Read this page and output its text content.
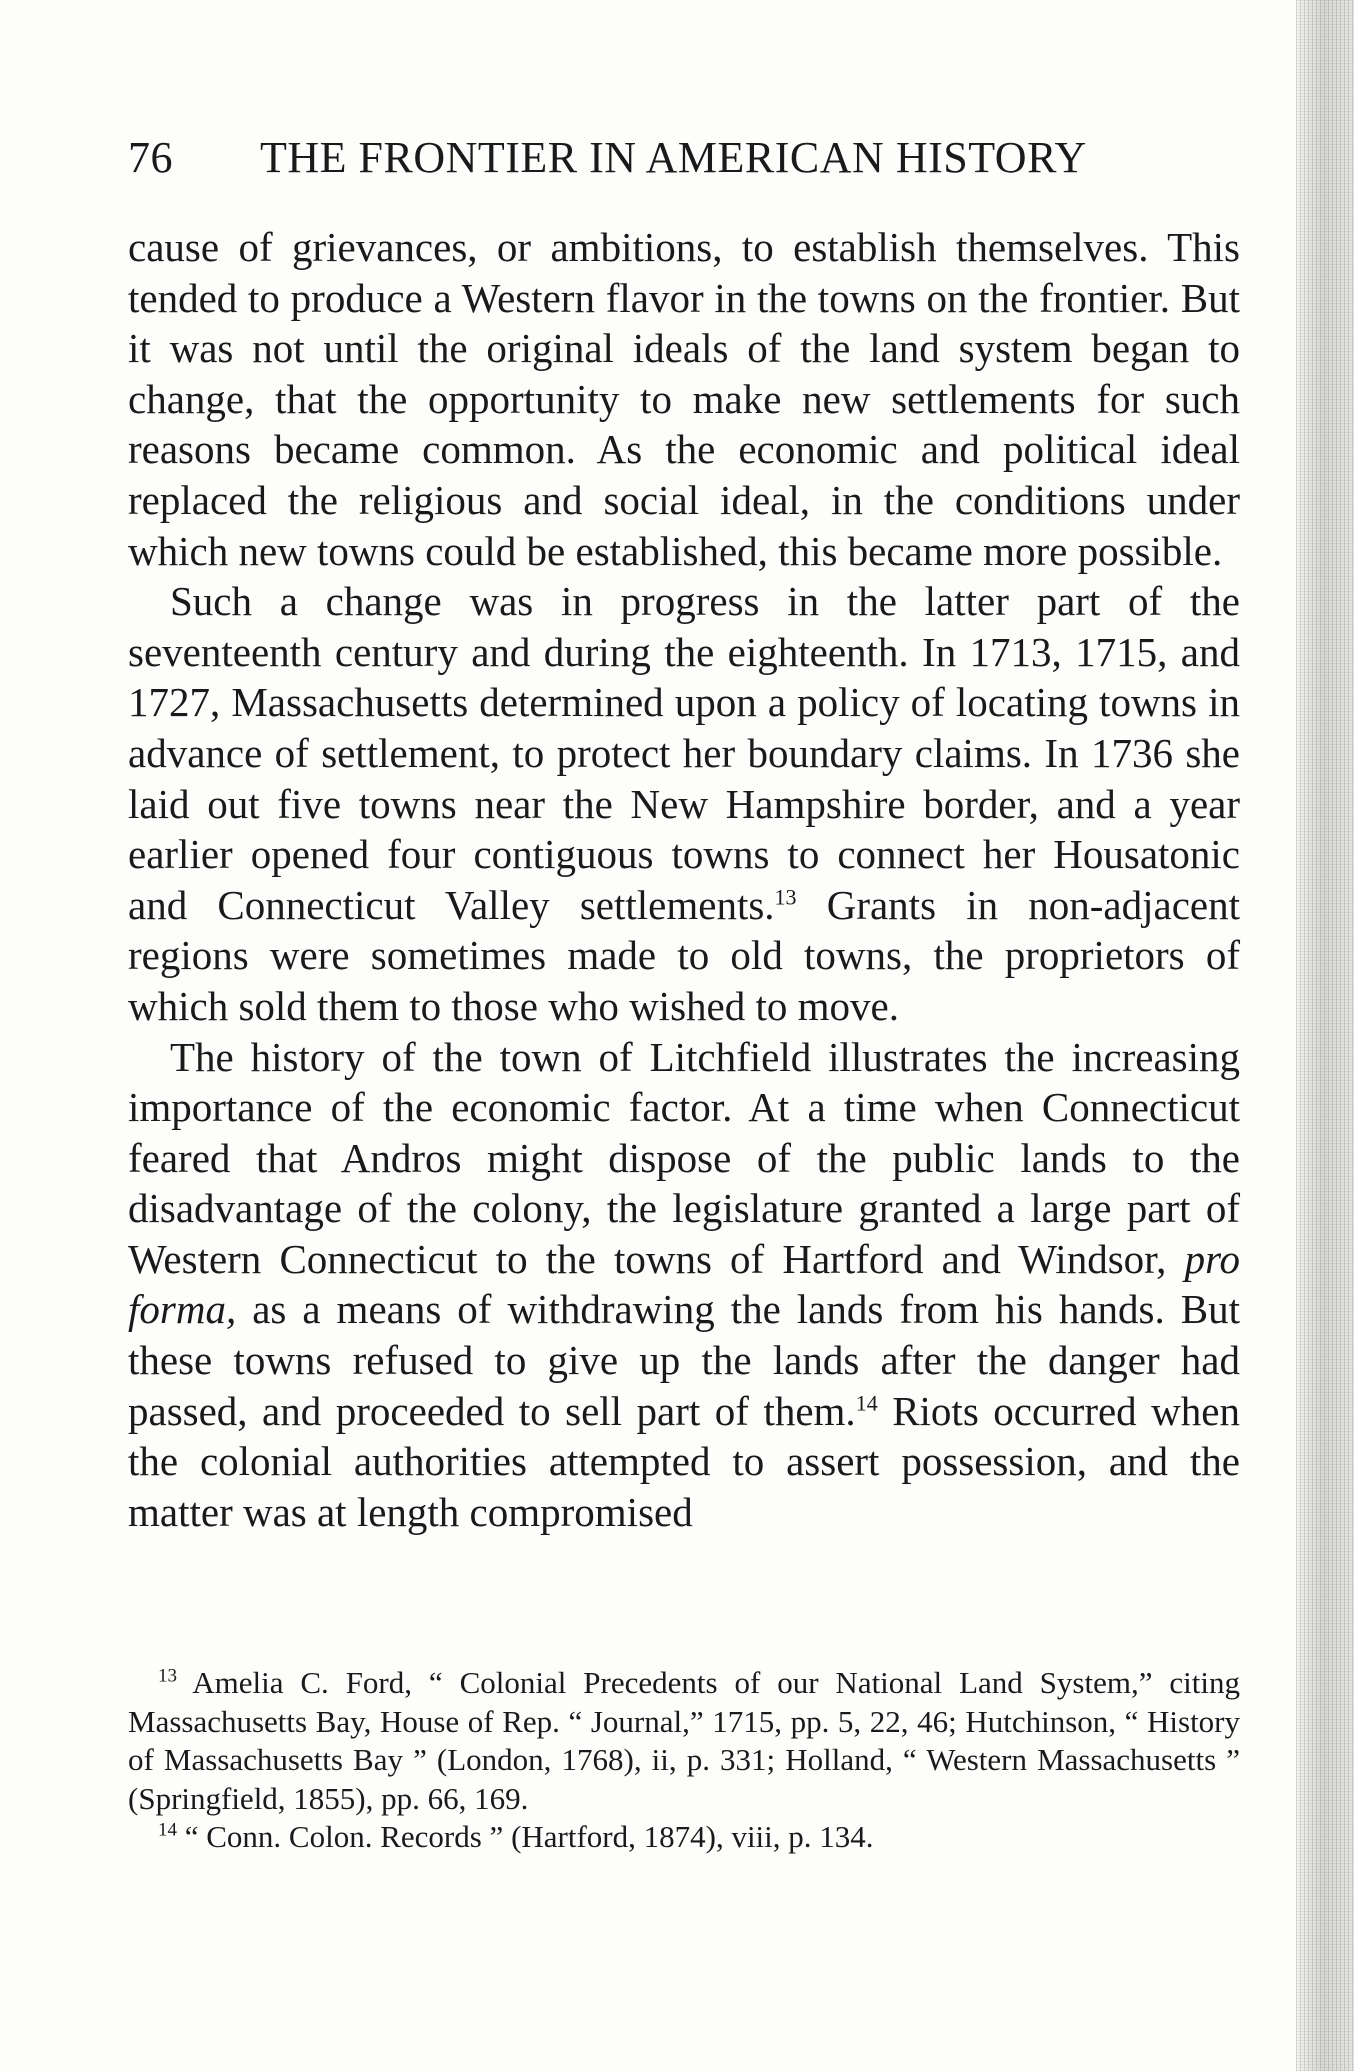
76 THE FRONTIER IN AMERICAN HISTORY

cause of grievances, or ambitions, to establish themselves. This tended to produce a Western flavor in the towns on the frontier. But it was not until the original ideals of the land system began to change, that the opportunity to make new settlements for such reasons became common. As the economic and political ideal replaced the religious and social ideal, in the conditions under which new towns could be established, this became more possible.

Such a change was in progress in the latter part of the seventeenth century and during the eighteenth. In 1713, 1715, and 1727, Massachusetts determined upon a policy of locating towns in advance of settlement, to protect her boundary claims. In 1736 she laid out five towns near the New Hampshire border, and a year earlier opened four contiguous towns to connect her Housatonic and Connecticut Valley settlements.$^{13}$ Grants in non-adjacent regions were sometimes made to old towns, the proprietors of which sold them to those who wished to move.

The history of the town of Litchfield illustrates the increasing importance of the economic factor. At a time when Connecticut feared that Andros might dispose of the public lands to the disadvantage of the colony, the legislature granted a large part of Western Connecticut to the towns of Hartford and Windsor, pro forma, as a means of withdrawing the lands from his hands. But these towns refused to give up the lands after the danger had passed, and proceeded to sell part of them.$^{14}$ Riots occurred when the colonial authorities attempted to assert possession, and the matter was at length compromised

$^{13}$ Amelia C. Ford, “ Colonial Precedents of our National Land System,” citing Massachusetts Bay, House of Rep. “ Journal,” 1715, pp. 5, 22, 46; Hutchinson, “ History of Massachusetts Bay ” (London, 1768), ii, p. 331; Holland, “ Western Massachusetts ” (Springfield, 1855), pp. 66, 169.

$^{14}$ “ Conn. Colon. Records ” (Hartford, 1874), viii, p. 134.
